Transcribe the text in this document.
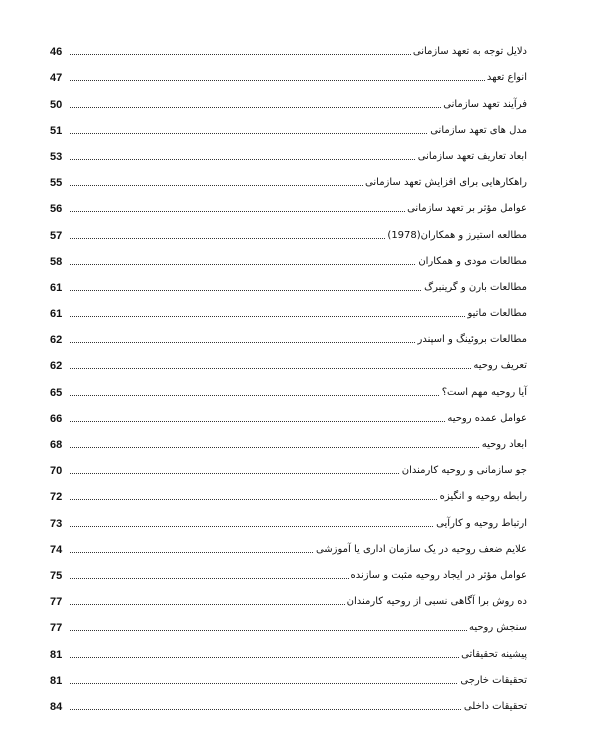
دلایل توجه به تعهد سازمانی
46
انواع تعهد
47
فرآیند تعهد سازمانی
50
مدل های تعهد سازمانی
51
ابعاد تعاریف تعهد سازمانی
53
راهکارهایی برای افزایش تعهد سازمانی
55
عوامل مؤثر بر تعهد سازمانی
56
مطالعه استیرز و همکاران(1978)
57
مطالعات مودی و همکاران
58
مطالعات بارن و گرینبرگ
61
مطالعات ماتیو
61
مطالعات بروئینگ و اسپندر
62
تعریف روحیه
62
آیا روحیه مهم است؟
65
عوامل عمده روحیه
66
ابعاد روحیه
68
جو سازمانی و روحیه کارمندان
70
رابطه روحیه و انگیزه
72
ارتباط روحیه و کارآیی
73
علایم ضعف روحیه در یک سازمان اداری یا آموزشی
74
عوامل مؤثر در ایجاد روحیه مثبت و سازنده
75
ده روش برا آگاهی نسبی از روحیه کارمندان
77
سنجش روحیه
77
پیشینه تحقیقاتی
81
تحقیقات خارجی
81
تحقیقات داخلی
84
